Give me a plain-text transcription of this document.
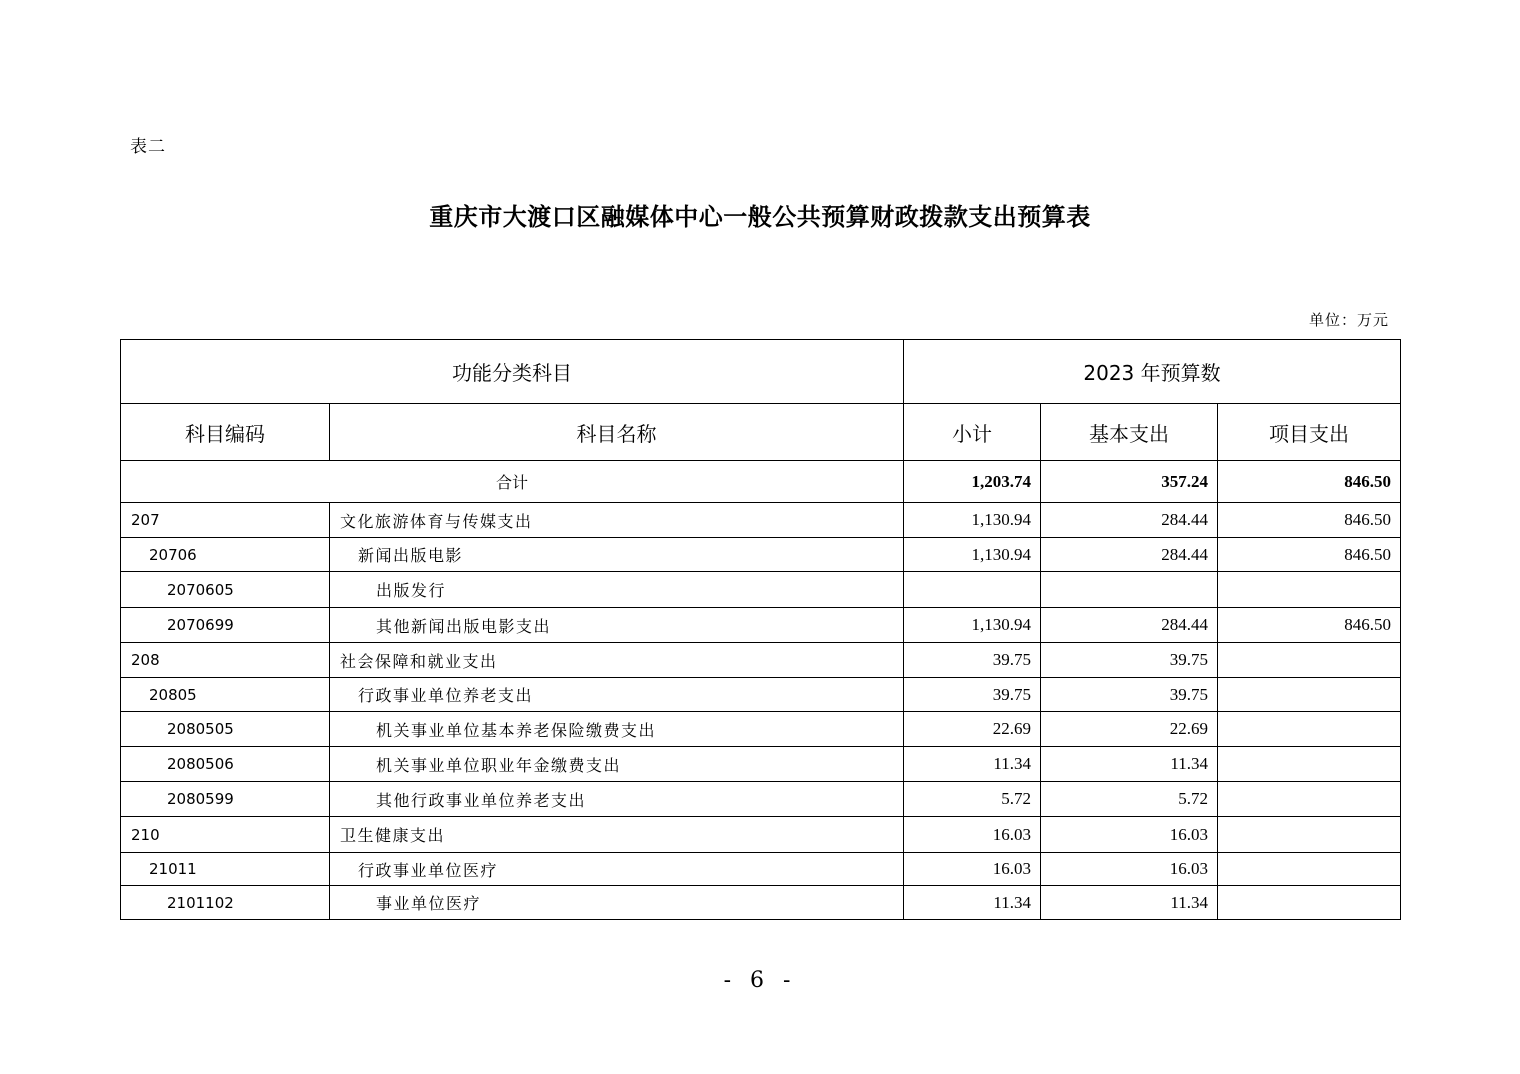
表二
重庆市大渡口区融媒体中心一般公共预算财政拨款支出预算表
单位：万元
功能分类科目		2023 年预算数		
科目编码	科目名称	小计	基本支出	项目支出
合计		1,203.74	357.24	846.50
207	文化旅游体育与传媒支出	1,130.94	284.44	846.50
20706	新闻出版电影	1,130.94	284.44	846.50
2070605	出版发行			
2070699	其他新闻出版电影支出	1,130.94	284.44	846.50
208	社会保障和就业支出	39.75	39.75	
20805	行政事业单位养老支出	39.75	39.75	
2080505	机关事业单位基本养老保险缴费支出	22.69	22.69	
2080506	机关事业单位职业年金缴费支出	11.34	11.34	
2080599	其他行政事业单位养老支出	5.72	5.72	
210	卫生健康支出	16.03	16.03	
21011	行政事业单位医疗	16.03	16.03	
2101102	事业单位医疗	11.34	11.34	
- 6 -
